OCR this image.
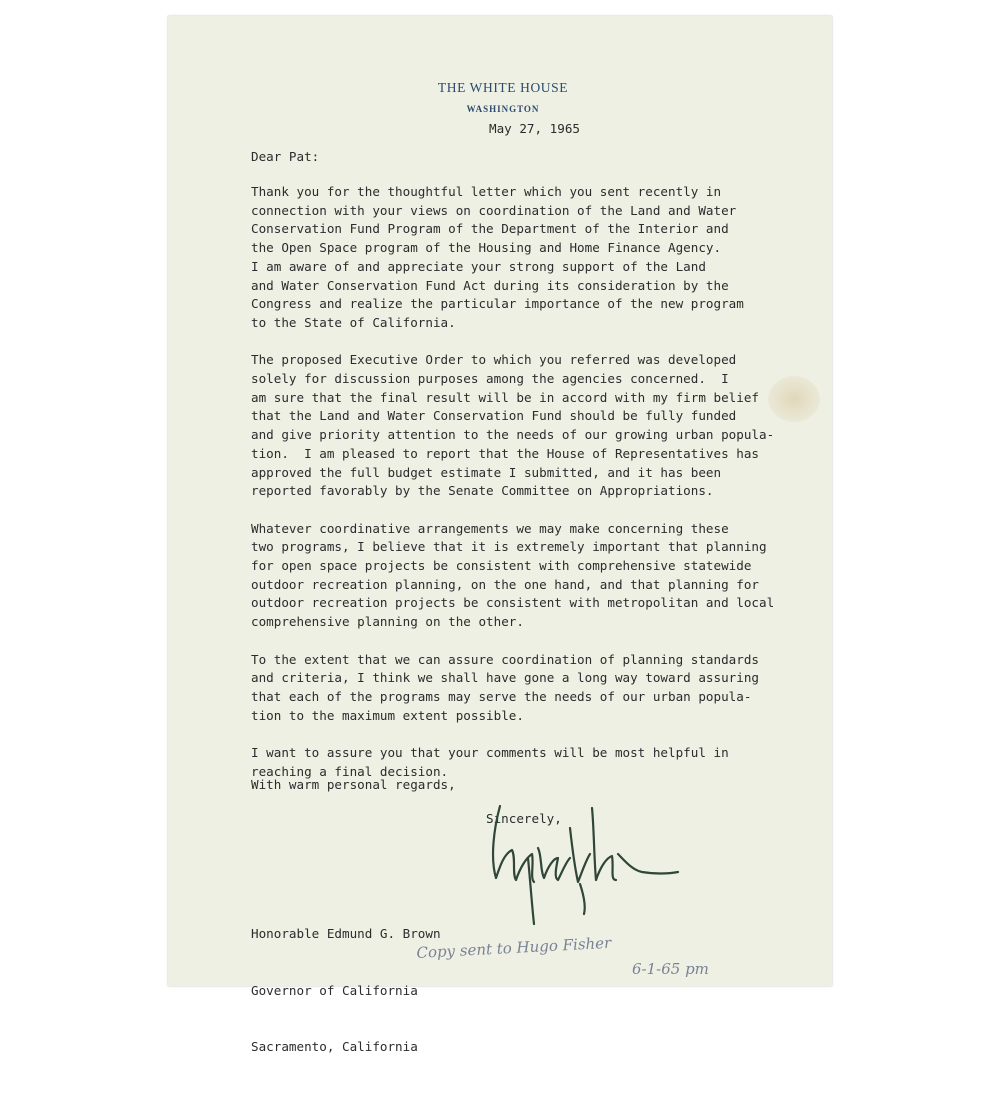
THE WHITE HOUSE
WASHINGTON
May 27, 1965
Dear Pat:

Thank you for the thoughtful letter which you sent recently in
connection with your views on coordination of the Land and Water
Conservation Fund Program of the Department of the Interior and
the Open Space program of the Housing and Home Finance Agency.
I am aware of and appreciate your strong support of the Land
and Water Conservation Fund Act during its consideration by the
Congress and realize the particular importance of the new program
to the State of California.

The proposed Executive Order to which you referred was developed
solely for discussion purposes among the agencies concerned.  I
am sure that the final result will be in accord with my firm belief
that the Land and Water Conservation Fund should be fully funded
and give priority attention to the needs of our growing urban popula-
tion.  I am pleased to report that the House of Representatives has
approved the full budget estimate I submitted, and it has been
reported favorably by the Senate Committee on Appropriations.

Whatever coordinative arrangements we may make concerning these
two programs, I believe that it is extremely important that planning
for open space projects be consistent with comprehensive statewide
outdoor recreation planning, on the one hand, and that planning for
outdoor recreation projects be consistent with metropolitan and local
comprehensive planning on the other.

To the extent that we can assure coordination of planning standards
and criteria, I think we shall have gone a long way toward assuring
that each of the programs may serve the needs of our urban popula-
tion to the maximum extent possible.

I want to assure you that your comments will be most helpful in
reaching a final decision.

With warm personal regards,
Sincerely,

Honorable Edmund G. Brown

Governor of California

Sacramento, California

Copy sent to Hugo Fisher
6-1-65 pm
